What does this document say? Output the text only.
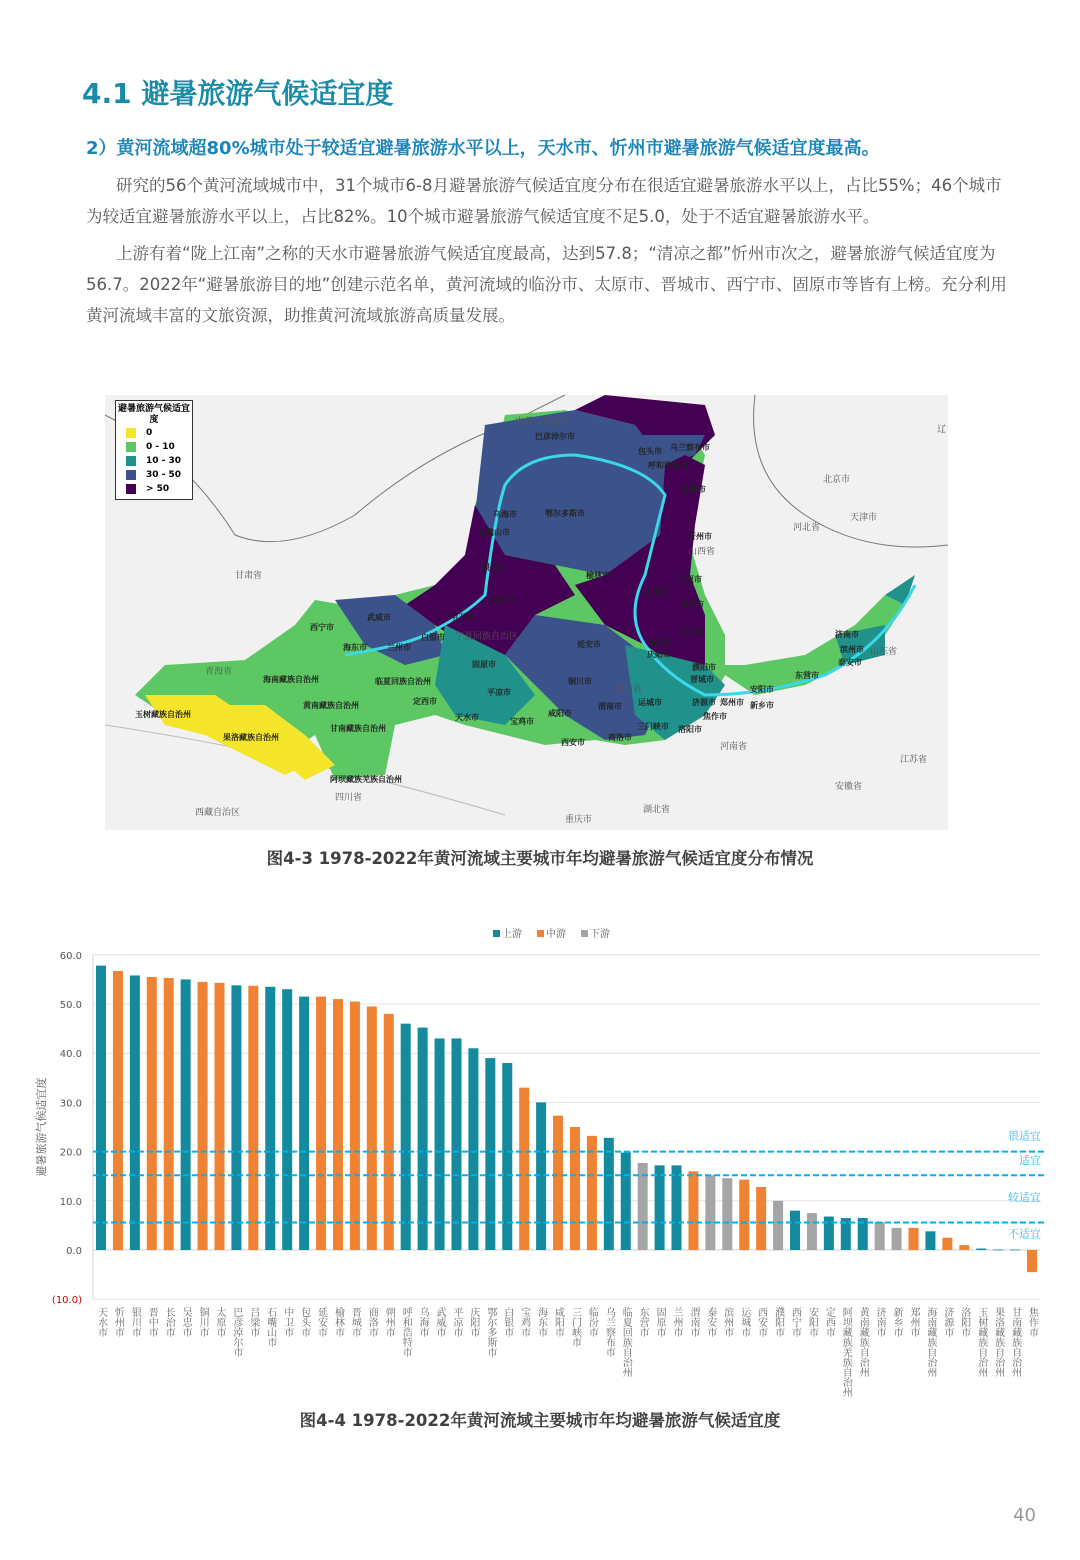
4.1 避暑旅游气候适宜度
2）黄河流域超80%城市处于较适宜避暑旅游水平以上，天水市、忻州市避暑旅游气候适宜度最高。
研究的56个黄河流域城市中，31个城市6-8月避暑旅游气候适宜度分布在很适宜避暑旅游水平以上，占比55%；46个城市为较适宜避暑旅游水平以上，占比82%。10个城市避暑旅游气候适宜度不足5.0，处于不适宜避暑旅游水平。
上游有着“陇上江南”之称的天水市避暑旅游气候适宜度最高，达到57.8；“清凉之都”忻州市次之，避暑旅游气候适宜度为56.7。2022年“避暑旅游目的地”创建示范名单，黄河流域的临汾市、太原市、晋城市、西宁市、固原市等皆有上榜。充分利用黄河流域丰富的文旅资源，助推黄河流域旅游高质量发展。
避暑旅游气候适宜度
0
0 - 10
10 - 30
30 - 50
> 50
内蒙古自治区
甘肃省
青海省
宁夏回族自治区
陕西省
山西省
河南省
山东省
河北省
北京市
天津市
四川省
西藏自治区	湖北省
重庆市
江苏省
安徽省
辽
巴彦淖尔市
包头市 乌兰察布市
呼和浩特市
朔州市
鄂尔多斯市
乌海市
石嘴山市
银川市
忻州市
榆林市	太原市
吴忠市
中卫市
吕梁市
晋中市
武威市
西宁市
海东市	兰州市
白银市
长治市
固原市
庆阳市
延安市	临汾市
晋城市
海南藏族自治州	临夏回族自治州
黄南藏族自治州	定西市
平凉市
铜川市
运城市	济源市
焦作市
濮阳市
安阳市
新乡市
郑州市
渭南市
玉树藏族自治州
果洛藏族自治州
甘南藏族自治州
天水市	宝鸡市
咸阳市
三门峡市 洛阳市
西安市
商洛市
阿坝藏族羌族自治州
滨州市
东营市
济南市
泰安市
图4-3 1978-2022年黄河流域主要城市年均避暑旅游气候适宜度分布情况
(10.0)
0.0
10.0
20.0
30.0
40.0
50.0
60.0
避暑旅游气候适宜度
上游 中游 下游
天水市 忻州市 银川市 晋中市 长治市 吴忠市 铜川市 太原市 巴彦淖尔市 吕梁市 石嘴山市 中卫市 包头市 延安市 榆林市 晋城市 商洛市 朔州市 呼和浩特市 乌海市 武威市 平凉市 庆阳市 鄂尔多斯市 白银市 宝鸡市 海东市 咸阳市 三门峡市 临汾市 乌兰察布市 临夏回族自治州 东营市 固原市 兰州市 渭南市 泰安市 滨州市 运城市 西安市 濮阳市 西宁市 安阳市 定西市 阿坝藏族羌族自治州 黄南藏族自治州 济南市 新乡市 郑州市 海南藏族自治州 济源市 洛阳市 玉树藏族自治州 果洛藏族自治州 甘南藏族自治州 焦作市
很适宜
适宜
较适宜
不适宜
图4-4 1978-2022年黄河流域主要城市年均避暑旅游气候适宜度
40
